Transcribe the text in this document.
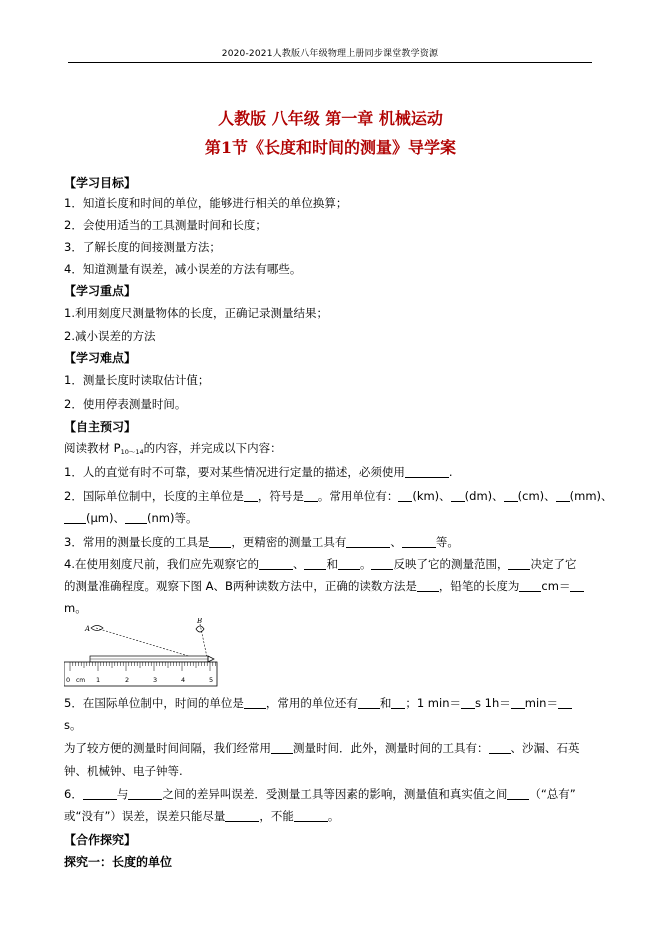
2020-2021人教版八年级物理上册同步课堂教学资源
人教版 八年级 第一章 机械运动
第1节《长度和时间的测量》导学案
【学习目标】
1．知道长度和时间的单位，能够进行相关的单位换算；
2．会使用适当的工具测量时间和长度；
3．了解长度的间接测量方法；
4．知道测量有误差，减小误差的方法有哪些。
【学习重点】
1.利用刻度尺测量物体的长度，正确记录测量结果；
2.减小误差的方法
【学习难点】
1．测量长度时读取估计值；
2．使用停表测量时间。
【自主预习】
阅读教材 $P_{10\sim 14}$的内容，并完成以下内容：
1．人的直觉有时不可靠，要对某些情况进行定量的描述，必须使用	.
2．国际单位制中，长度的主单位是 ，符号是 。常用单位有： (km)、 (dm)、 (cm)、 (mm)、
(μm)、 (nm)等。
3．常用的测量长度的工具是 ，更精密的测量工具有	、	等。
4.在使用刻度尺前，我们应先观察它的	、 和 。 反映了它的测量范围， 决定了它
的测量准确程度。观察下图 A、B两种读数方法中，正确的读数方法是 ，铅笔的长度为 cm＝
m。
A
B
0 cm 1	2	3	4	5
5．在国际单位制中，时间的单位是 ，常用的单位还有 和 ；1 min＝ s 1h＝ min＝
s。
为了较方便的测量时间间隔，我们经常用 测量时间．此外，测量时间的工具有： 、沙漏、石英
钟、机械钟、电子钟等.
6．	与	之间的差异叫误差．受测量工具等因素的影响，测量值和真实值之间 （“总有”
或“没有”）误差，误差只能尽量	，不能	。
【合作探究】
探究一：长度的单位
